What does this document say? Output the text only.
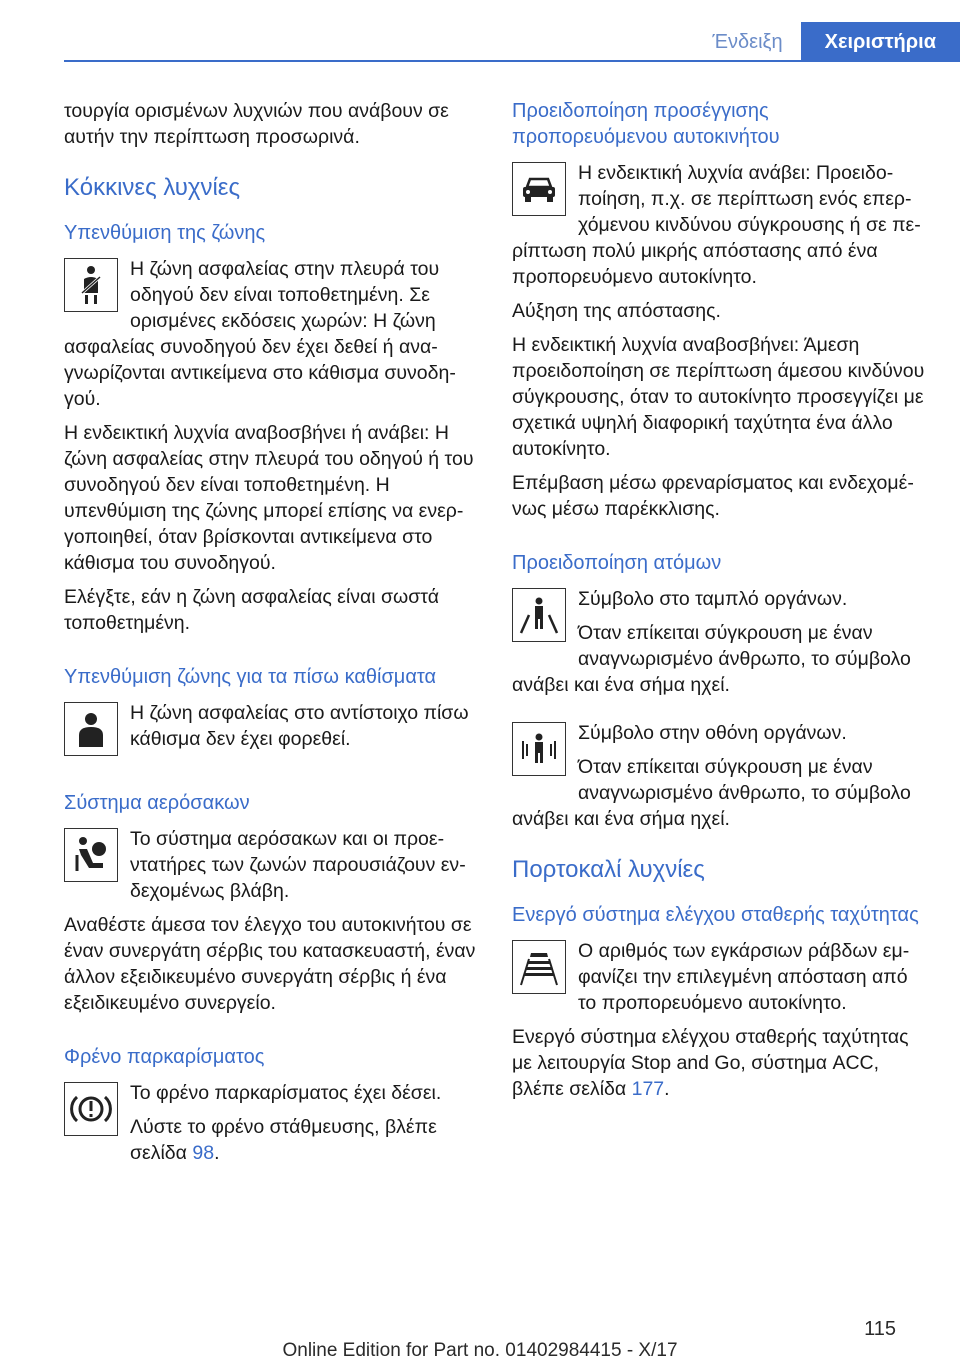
Ένδειξη	Χειριστήρια

τουργία ορισμένων λυχνιών που ανάβουν σε αυτήν την περίπτωση προσωρινά.

Κόκκινες λυχνίες
Υπενθύμιση της ζώνης

Η ζώνη ασφαλείας στην πλευρά του οδηγού δεν είναι τοποθετημένη. Σε ορισμένες εκδόσεις χωρών: Η ζώνη ασφαλείας συνοδηγού δεν έχει δεθεί ή αναγνωρίζονται αντικείμενα στο κάθισμα συνοδηγού.

Η ενδεικτική λυχνία αναβοσβήνει ή ανάβει: Η ζώνη ασφαλείας στην πλευρά του οδηγού ή του συνοδηγού δεν είναι τοποθετημένη. Η υπενθύμιση της ζώνης μπορεί επίσης να ενεργοποιηθεί, όταν βρίσκονται αντικείμενα στο κάθισμα του συνοδηγού.

Ελέγξτε, εάν η ζώνη ασφαλείας είναι σωστά τοποθετημένη.

Υπενθύμιση ζώνης για τα πίσω καθίσματα

Η ζώνη ασφαλείας στο αντίστοιχο πίσω κάθισμα δεν έχει φορεθεί.

Σύστημα αερόσακων

Το σύστημα αερόσακων και οι προεντατήρες των ζωνών παρουσιάζουν ενδεχομένως βλάβη.

Αναθέστε άμεσα τον έλεγχο του αυτοκινήτου σε έναν συνεργάτη σέρβις του κατασκευαστή, έναν άλλον εξειδικευμένο συνεργάτη σέρβις ή ένα εξειδικευμένο συνεργείο.

Φρένο παρκαρίσματος

Το φρένο παρκαρίσματος έχει δέσει.

Λύστε το φρένο στάθμευσης, βλέπε σελίδα 98.

Προειδοποίηση προσέγγισης προπορευόμενου αυτοκινήτου

Η ενδεικτική λυχνία ανάβει: Προειδοποίηση, π.χ. σε περίπτωση ενός επερχόμενου κινδύνου σύγκρουσης ή σε περίπτωση πολύ μικρής απόστασης από ένα προπορευόμενο αυτοκίνητο.

Αύξηση της απόστασης.

Η ενδεικτική λυχνία αναβοσβήνει: Άμεση προειδοποίηση σε περίπτωση άμεσου κινδύνου σύγκρουσης, όταν το αυτοκίνητο προσεγγίζει με σχετικά υψηλή διαφορική ταχύτητα ένα άλλο αυτοκίνητο.

Επέμβαση μέσω φρεναρίσματος και ενδεχομένως μέσω παρέκκλισης.

Προειδοποίηση ατόμων

Σύμβολο στο ταμπλό οργάνων.

Όταν επίκειται σύγκρουση με έναν αναγνωρισμένο άνθρωπο, το σύμβολο ανάβει και ένα σήμα ηχεί.

Σύμβολο στην οθόνη οργάνων.

Όταν επίκειται σύγκρουση με έναν αναγνωρισμένο άνθρωπο, το σύμβολο ανάβει και ένα σήμα ηχεί.

Πορτοκαλί λυχνίες
Ενεργό σύστημα ελέγχου σταθερής ταχύτητας

Ο αριθμός των εγκάρσιων ράβδων εμφανίζει την επιλεγμένη απόσταση από το προπορευόμενο αυτοκίνητο.

Ενεργό σύστημα ελέγχου σταθερής ταχύτητας με λειτουργία Stop and Go, σύστημα ACC, βλέπε σελίδα 177.

115
Online Edition for Part no. 01402984415 - X/17
